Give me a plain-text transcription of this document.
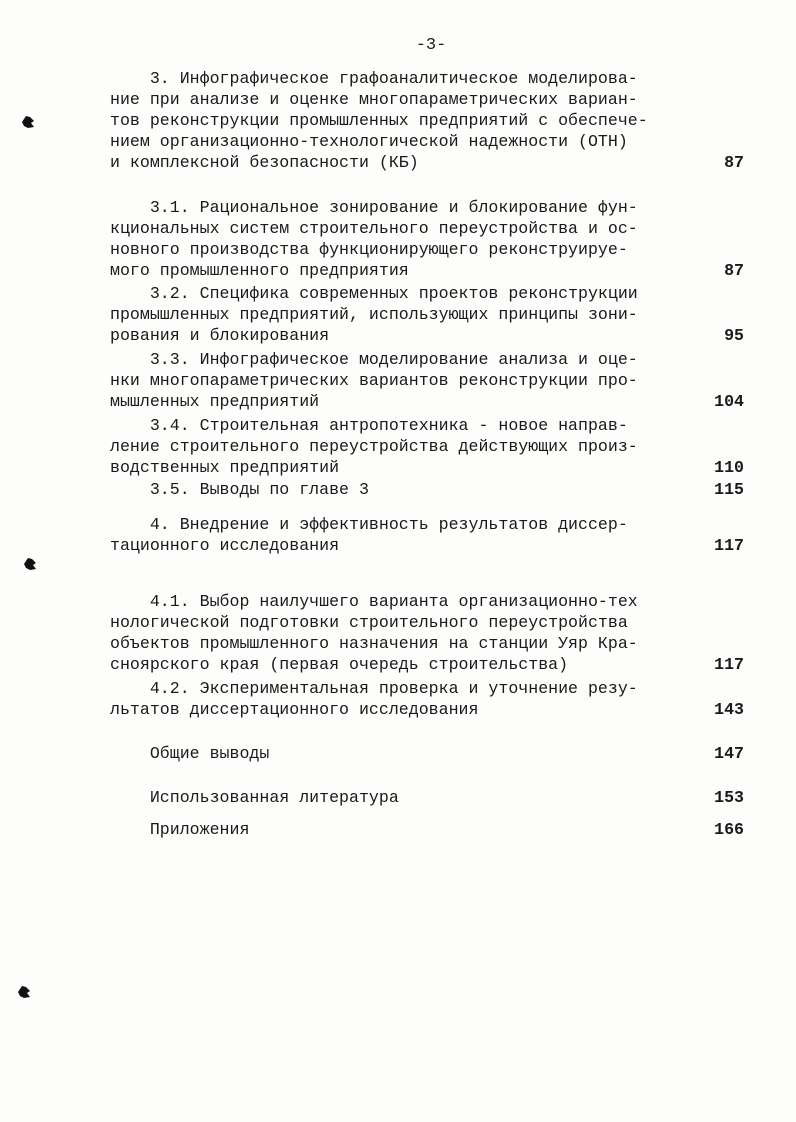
-3-
3. Инфографическое графоаналитическое моделирова-
ние при анализе и оценке многопараметрических вариан-
тов реконструкции промышленных предприятий с обеспече-
нием организационно-технологической надежности (ОТН)
и комплексной безопасности (КБ)	87
3.1. Рациональное зонирование и блокирование фун-
кциональных систем строительного переустройства и ос-
новного производства функционирующего реконструируе-
мого промышленного предприятия	87
3.2. Специфика современных проектов реконструкции
промышленных предприятий, использующих принципы зони-
рования и блокирования	95
3.3. Инфографическое моделирование анализа и оце-
нки многопараметрических вариантов реконструкции про-
мышленных предприятий	104
3.4. Строительная антропотехника - новое направ-
ление строительного переустройства действующих произ-
водственных предприятий	110
3.5. Выводы по главе 3	115
4. Внедрение и эффективность результатов диссер-
тационного исследования	117
4.1. Выбор наилучшего варианта организационно-тех
нологической подготовки строительного переустройства
объектов промышленного назначения на станции Уяр Кра-
сноярского края (первая очередь строительства)	117
4.2. Экспериментальная проверка и уточнение резу-
льтатов диссертационного исследования	143
Общие выводы	147
Использованная литература	153
Приложения	166
